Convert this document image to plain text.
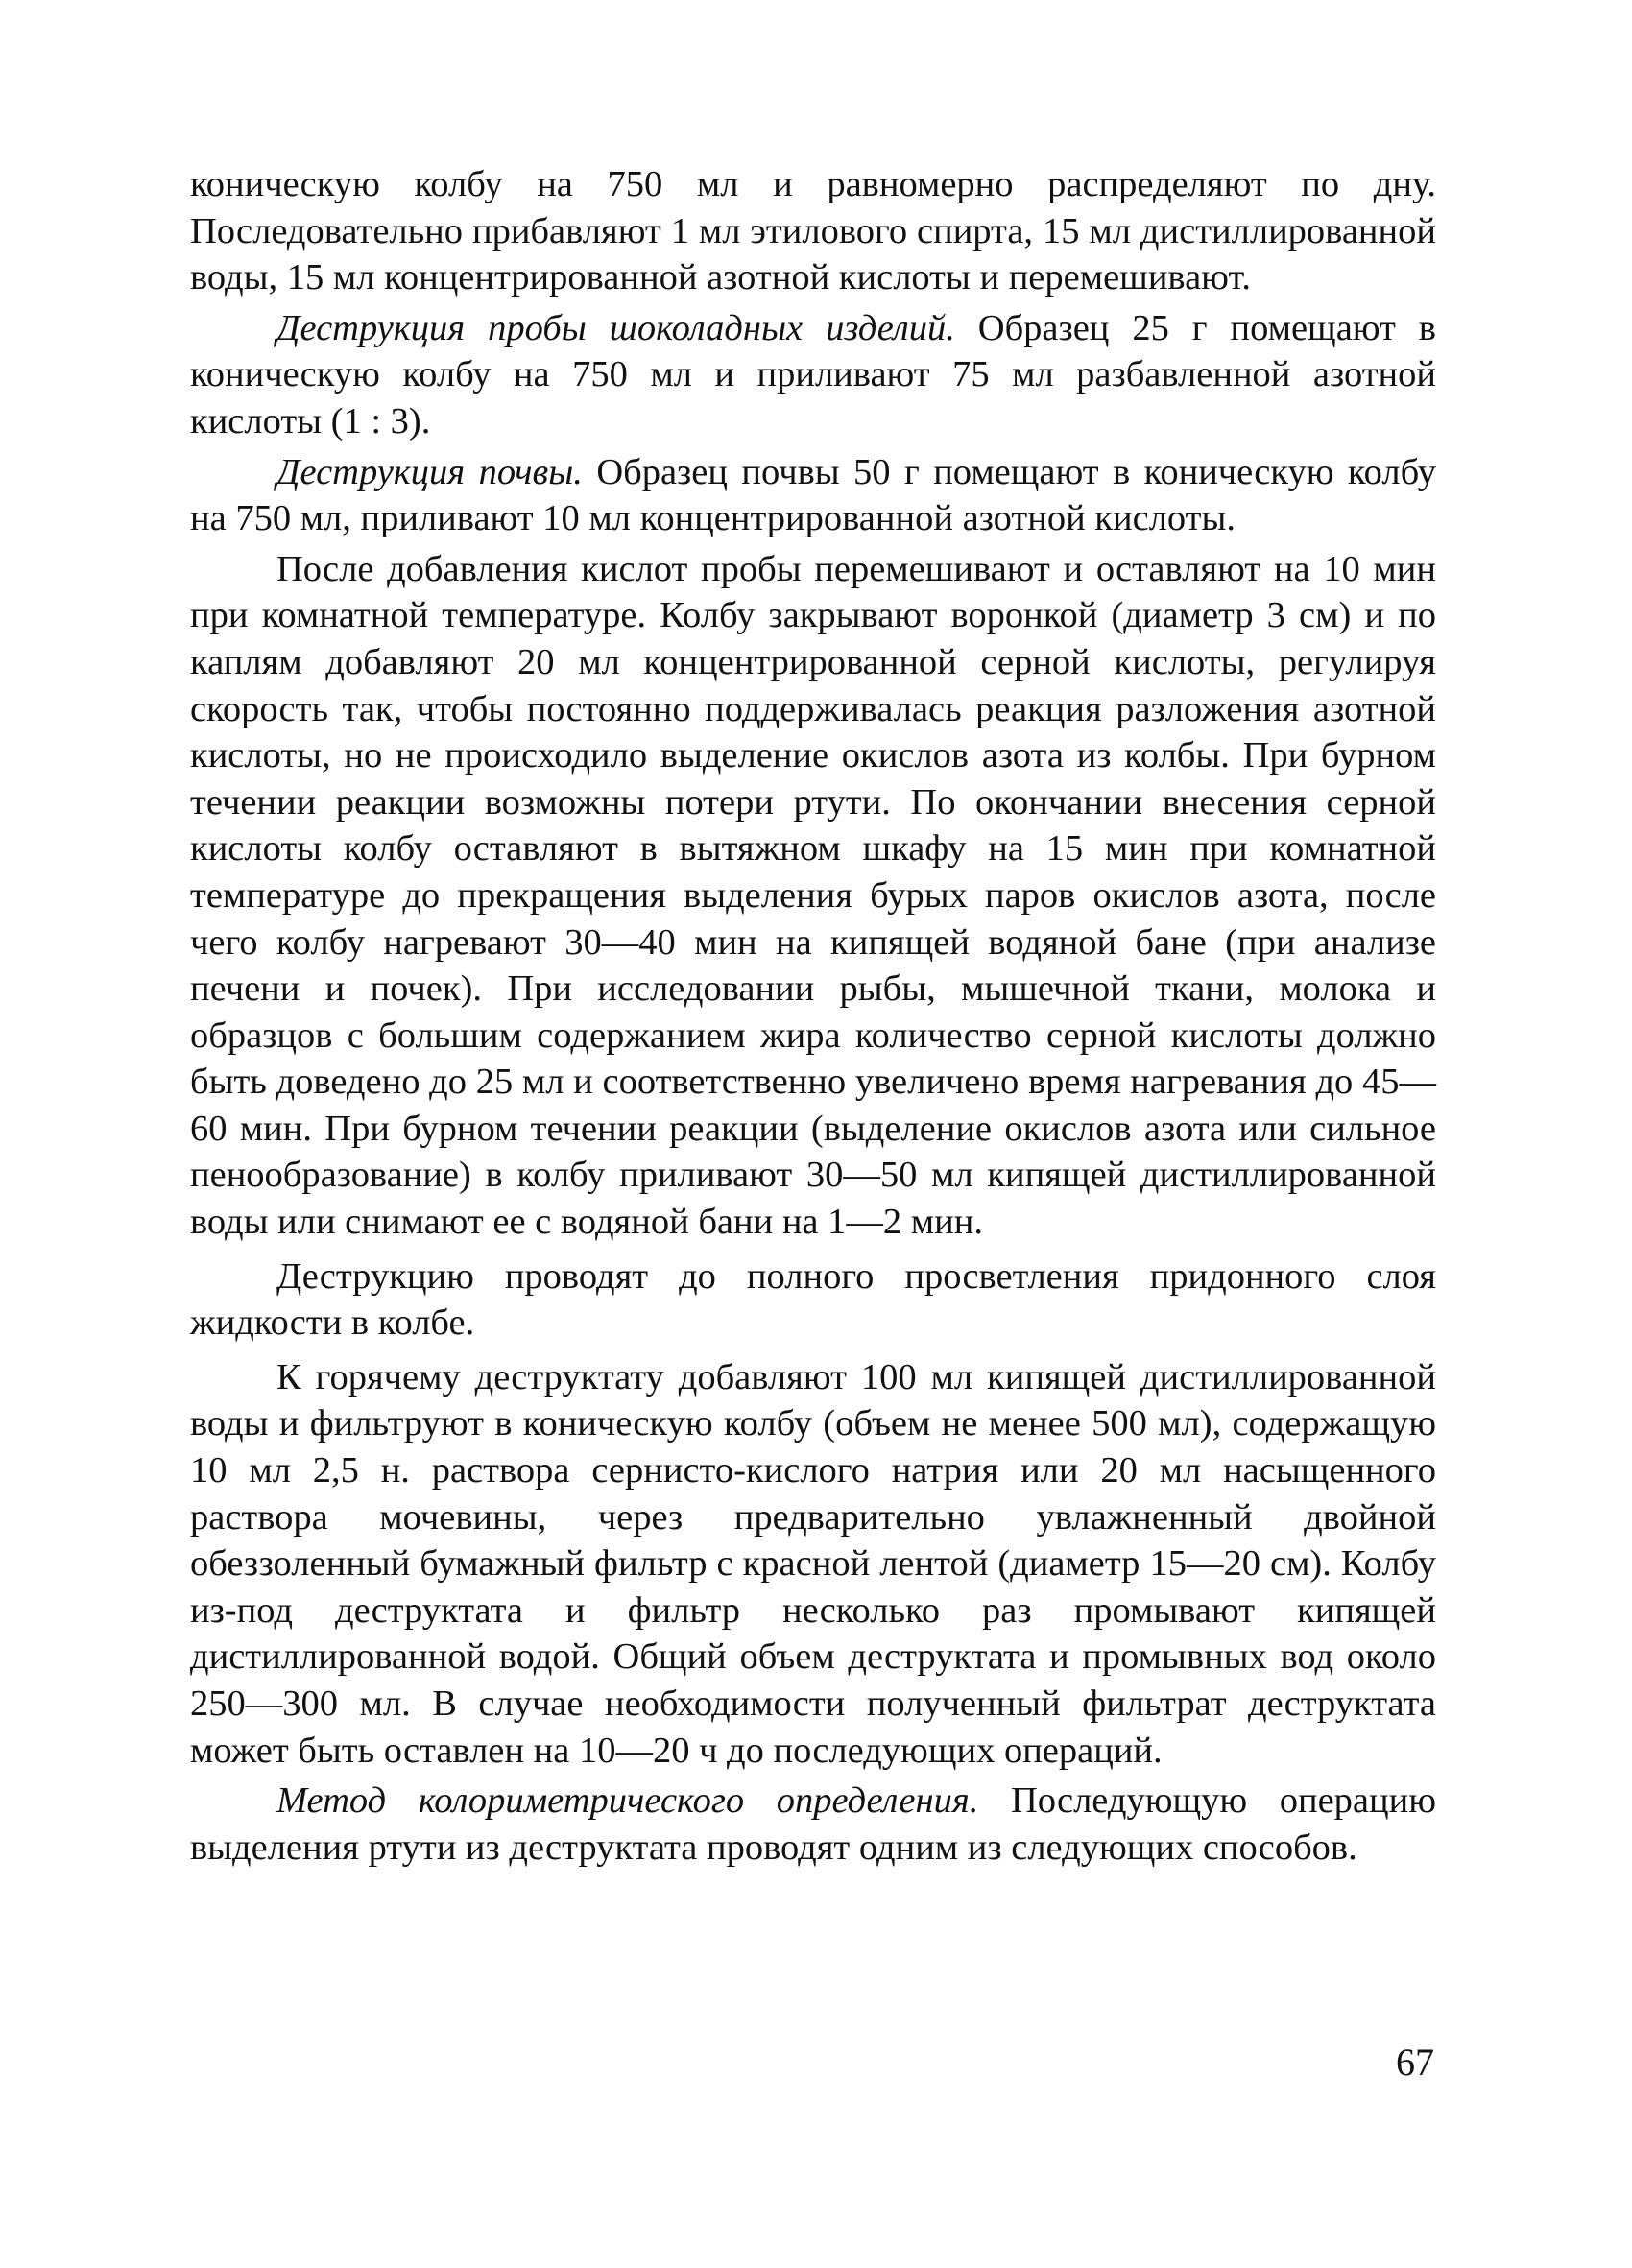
коническую колбу на 750 мл и равномерно распределяют по дну. Последовательно прибавляют 1 мл этилового спирта, 15 мл дистиллированной воды, 15 мл концентрированной азотной кислоты и перемешивают.

Деструкция пробы шоколадных изделий. Образец 25 г помещают в коническую колбу на 750 мл и приливают 75 мл разбавленной азотной кислоты (1 : 3).

Деструкция почвы. Образец почвы 50 г помещают в коническую колбу на 750 мл, приливают 10 мл концентрированной азотной кислоты.

После добавления кислот пробы перемешивают и оставляют на 10 мин при комнатной температуре. Колбу закрывают воронкой (диаметр 3 см) и по каплям добавляют 20 мл концентрированной серной кислоты, регулируя скорость так, чтобы постоянно поддерживалась реакция разложения азотной кислоты, но не происходило выделение окислов азота из колбы. При бурном течении реакции возможны потери ртути. По окончании внесения серной кислоты колбу оставляют в вытяжном шкафу на 15 мин при комнатной температуре до прекращения выделения бурых паров окислов азота, после чего колбу нагревают 30—40 мин на кипящей водяной бане (при анализе печени и почек). При исследовании рыбы, мышечной ткани, молока и образцов с большим содержанием жира количество серной кислоты должно быть доведено до 25 мл и соответственно увеличено время нагревания до 45—60 мин. При бурном течении реакции (выделение окислов азота или сильное пенообразование) в колбу приливают 30—50 мл кипящей дистиллированной воды или снимают ее с водяной бани на 1—2 мин.

Деструкцию проводят до полного просветления придонного слоя жидкости в колбе.

К горячему деструктату добавляют 100 мл кипящей дистиллированной воды и фильтруют в коническую колбу (объем не менее 500 мл), содержащую 10 мл 2,5 н. раствора сернисто-кислого натрия или 20 мл насыщенного раствора мочевины, через предварительно увлажненный двойной обеззоленный бумажный фильтр с красной лентой (диаметр 15—20 см). Колбу из-под деструктата и фильтр несколько раз промывают кипящей дистиллированной водой. Общий объем деструктата и промывных вод около 250—300 мл. В случае необходимости полученный фильтрат деструктата может быть оставлен на 10—20 ч до последующих операций.

Метод колориметрического определения. Последующую операцию выделения ртути из деструктата проводят одним из следующих способов.

67
